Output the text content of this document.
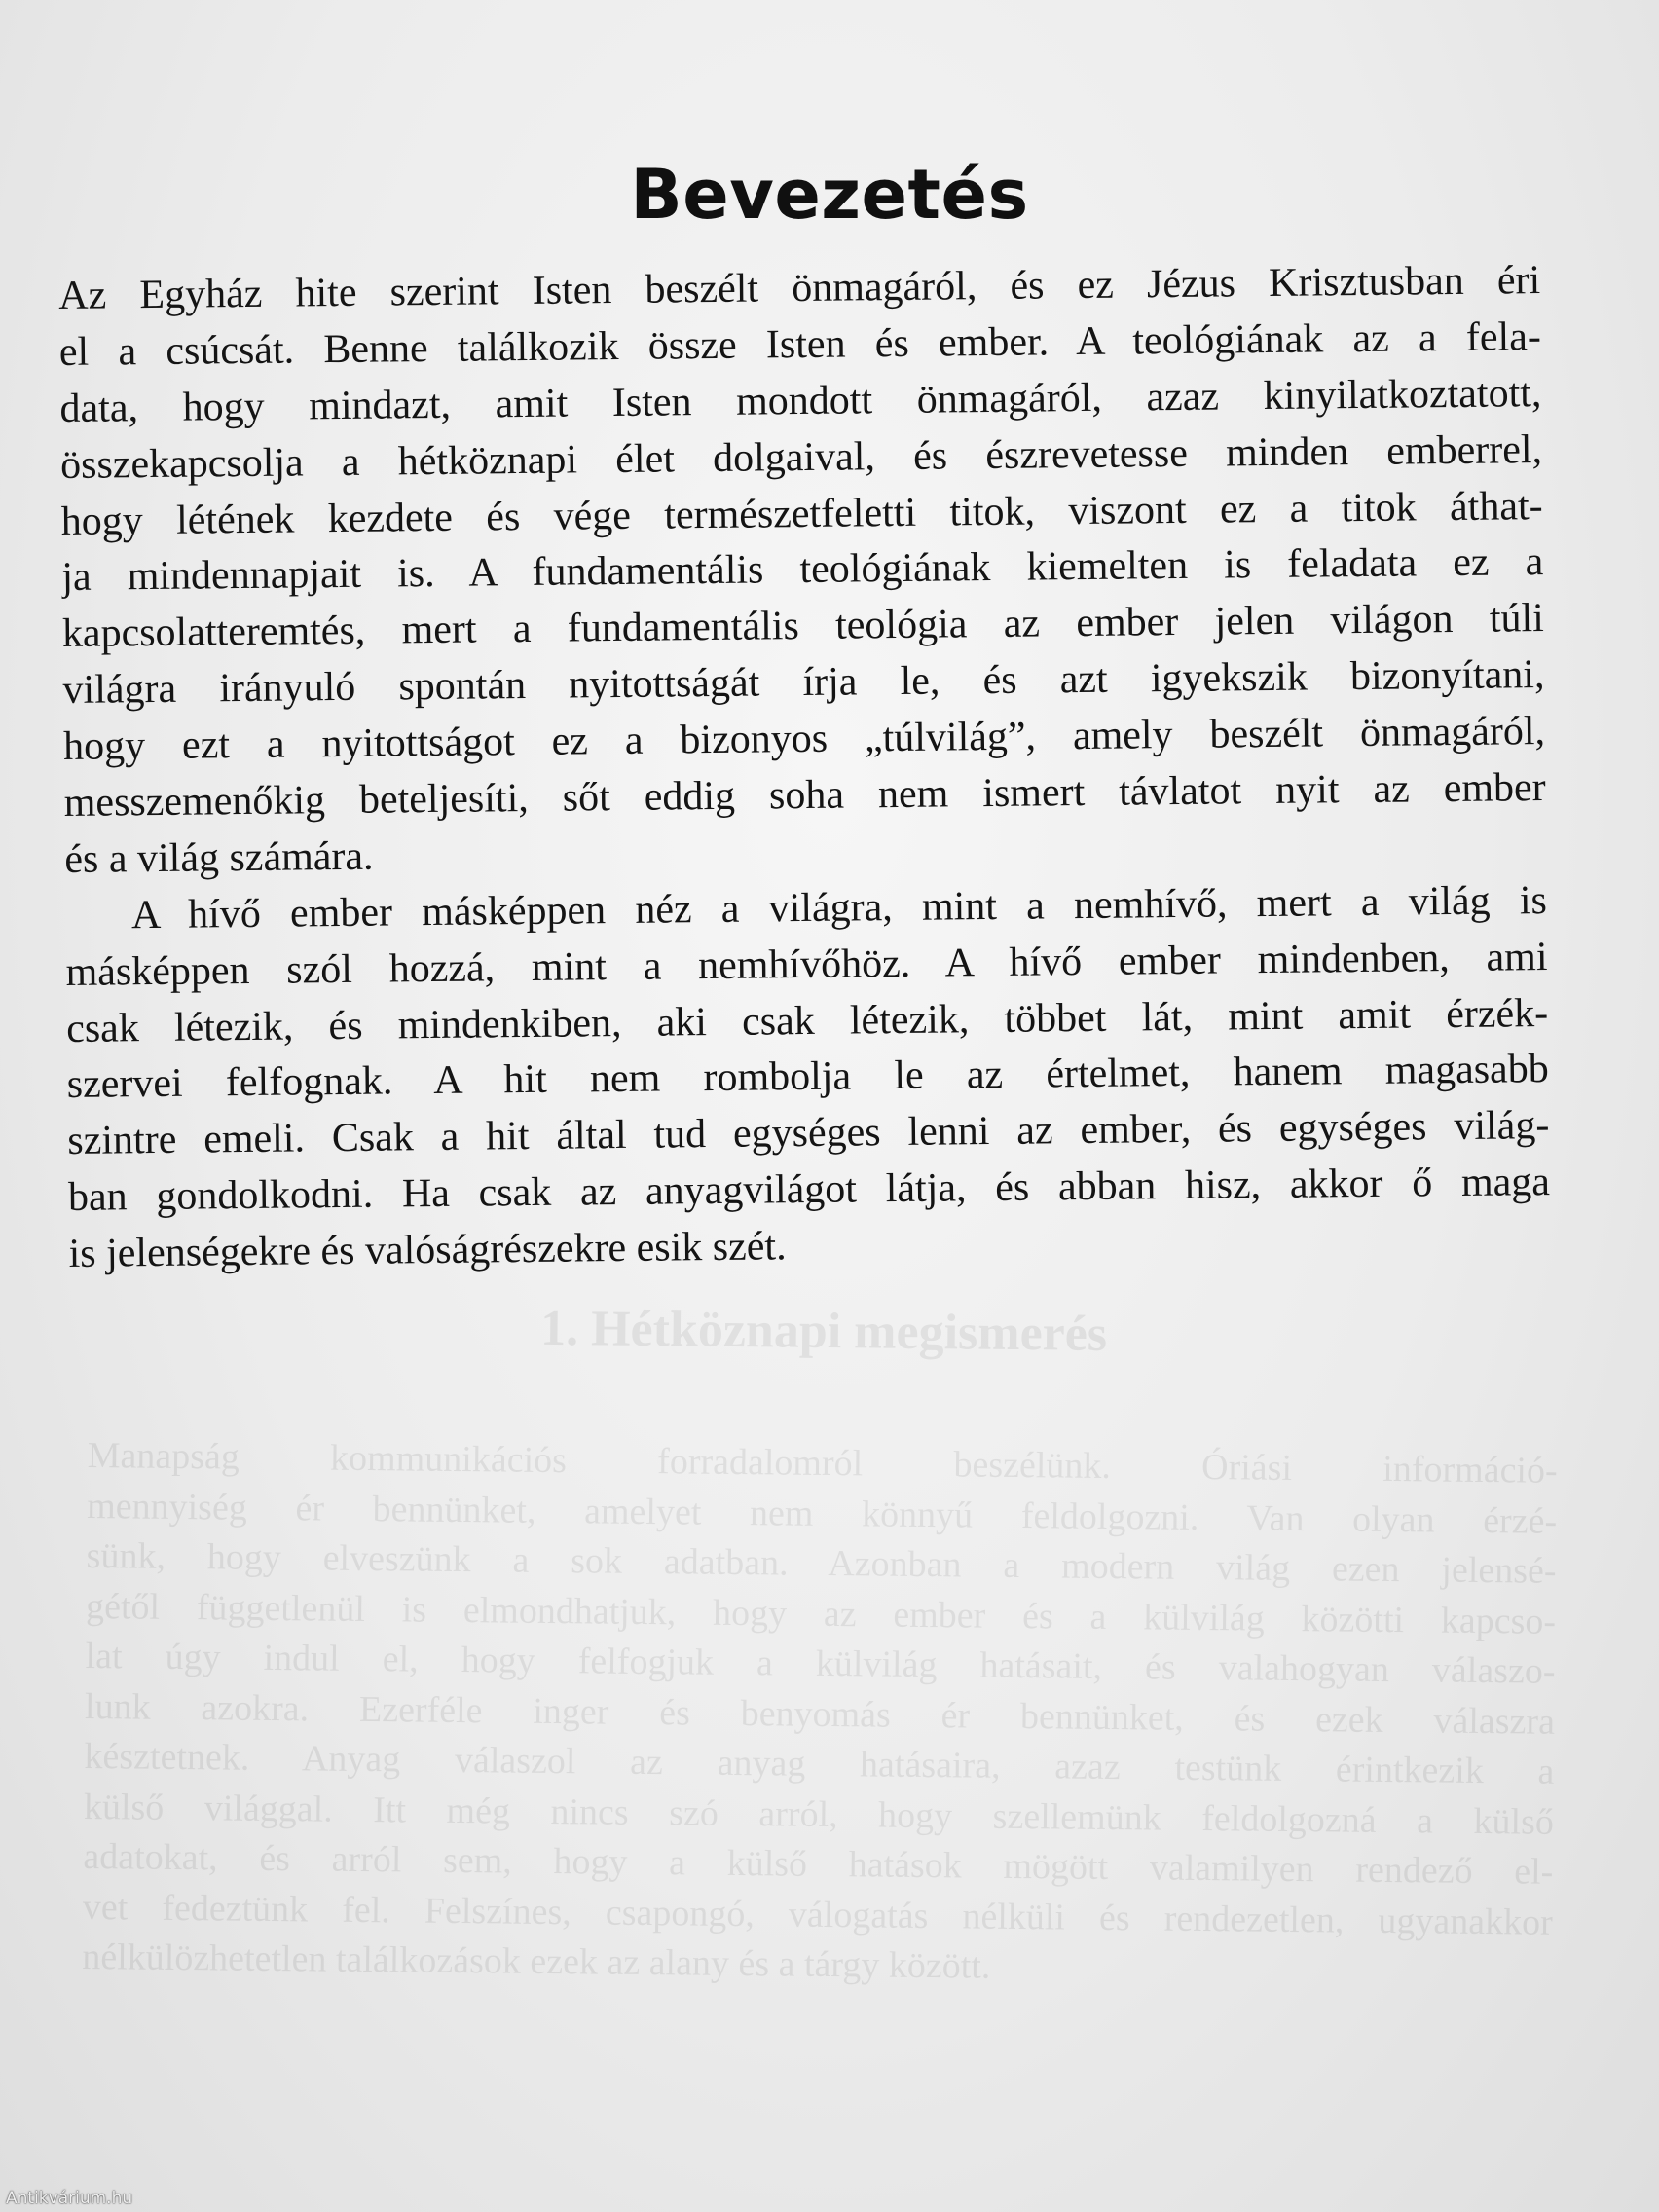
1. Hétköznapi megismerés
Manapság kommunikációs forradalomról beszélünk. Óriási információ-
mennyiség ér bennünket, amelyet nem könnyű feldolgozni. Van olyan érzé-
sünk, hogy elveszünk a sok adatban. Azonban a modern világ ezen jelensé-
gétől függetlenül is elmondhatjuk, hogy az ember és a külvilág közötti kapcso-
lat úgy indul el, hogy felfogjuk a külvilág hatásait, és valahogyan válaszo-
lunk azokra. Ezerféle inger és benyomás ér bennünket, és ezek válaszra
késztetnek. Anyag válaszol az anyag hatásaira, azaz testünk érintkezik a
külső világgal. Itt még nincs szó arról, hogy szellemünk feldolgozná a külső
adatokat, és arról sem, hogy a külső hatások mögött valamilyen rendező el-
vet fedeztünk fel. Felszínes, csapongó, válogatás nélküli és rendezetlen, ugyanakkor
nélkülözhetetlen találkozások ezek az alany és a tárgy között.
Bevezetés
Az Egyház hite szerint Isten beszélt önmagáról, és ez Jézus Krisztusban éri
el a csúcsát. Benne találkozik össze Isten és ember. A teológiának az a fela-
data, hogy mindazt, amit Isten mondott önmagáról, azaz kinyilatkoztatott,
összekapcsolja a hétköznapi élet dolgaival, és észrevetesse minden emberrel,
hogy létének kezdete és vége természetfeletti titok, viszont ez a titok áthat-
ja mindennapjait is. A fundamentális teológiának kiemelten is feladata ez a
kapcsolatteremtés, mert a fundamentális teológia az ember jelen világon túli
világra irányuló spontán nyitottságát írja le, és azt igyekszik bizonyítani,
hogy ezt a nyitottságot ez a bizonyos „túlvilág”, amely beszélt önmagáról,
messzemenőkig beteljesíti, sőt eddig soha nem ismert távlatot nyit az ember
és a világ számára.
A hívő ember másképpen néz a világra, mint a nemhívő, mert a világ is
másképpen szól hozzá, mint a nemhívőhöz. A hívő ember mindenben, ami
csak létezik, és mindenkiben, aki csak létezik, többet lát, mint amit érzék-
szervei felfognak. A hit nem rombolja le az értelmet, hanem magasabb
szintre emeli. Csak a hit által tud egységes lenni az ember, és egységes világ-
ban gondolkodni. Ha csak az anyagvilágot látja, és abban hisz, akkor ő maga
is jelenségekre és valóságrészekre esik szét.
Antikvárium.hu
